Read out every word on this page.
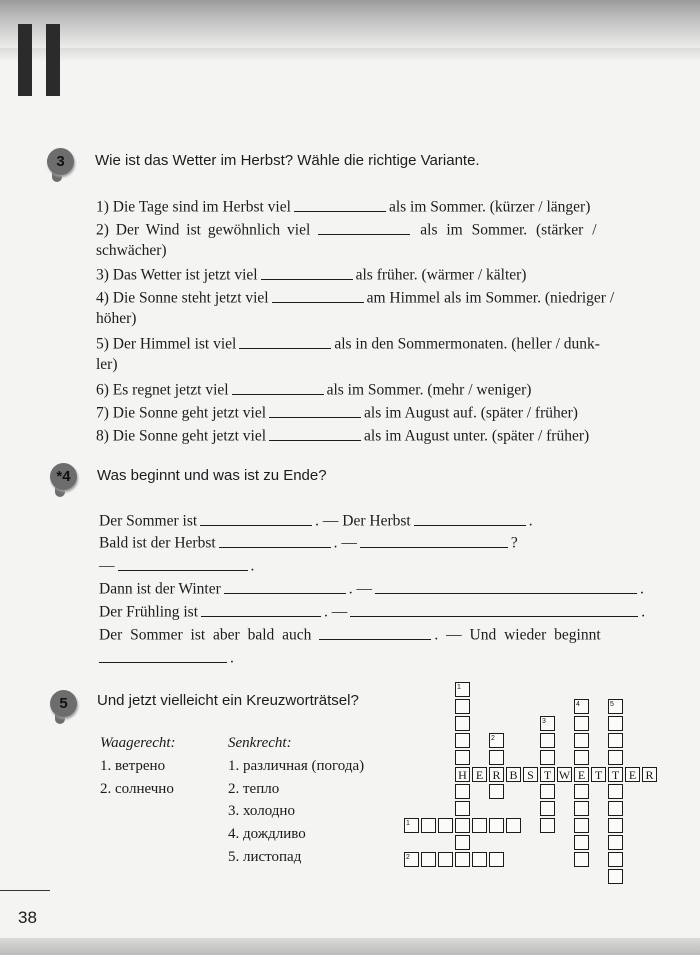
3	Wie ist das Wetter im Herbst? Wähle die richtige Variante.
1) Die Tage sind im Herbst viel	als im Sommer. (kürzer / länger)
2) Der Wind ist gewöhnlich viel	als im Sommer. (stärker /
schwächer)
3) Das Wetter ist jetzt viel	als früher. (wärmer / kälter)
4) Die Sonne steht jetzt viel	am Himmel als im Sommer. (niedriger /
höher)
5) Der Himmel ist viel	als in den Sommermonaten. (heller / dunk-
ler)
6) Es regnet jetzt viel	als im Sommer. (mehr / weniger)
7) Die Sonne geht jetzt viel	als im August auf. (später / früher)
8) Die Sonne geht jetzt viel	als im August unter. (später / früher)
*4	Was beginnt und was ist zu Ende?
Der Sommer ist	. — Der Herbst	.
Bald ist der Herbst	. —	?
—	.
Dann ist der Winter	. —	.
Der Frühling ist	. —	.
Der Sommer ist aber bald auch	. — Und wieder beginnt
.
5	Und jetzt vielleicht ein Kreuzworträtsel?
Waagerecht:
1. ветрено
2. солнечно
Senkrecht:
1. различная (погода)
2. тепло
3. холодно
4. дождливо
5. листопад
H E R B S T W E T T E R
1
2
3
4	5
1
2
38
